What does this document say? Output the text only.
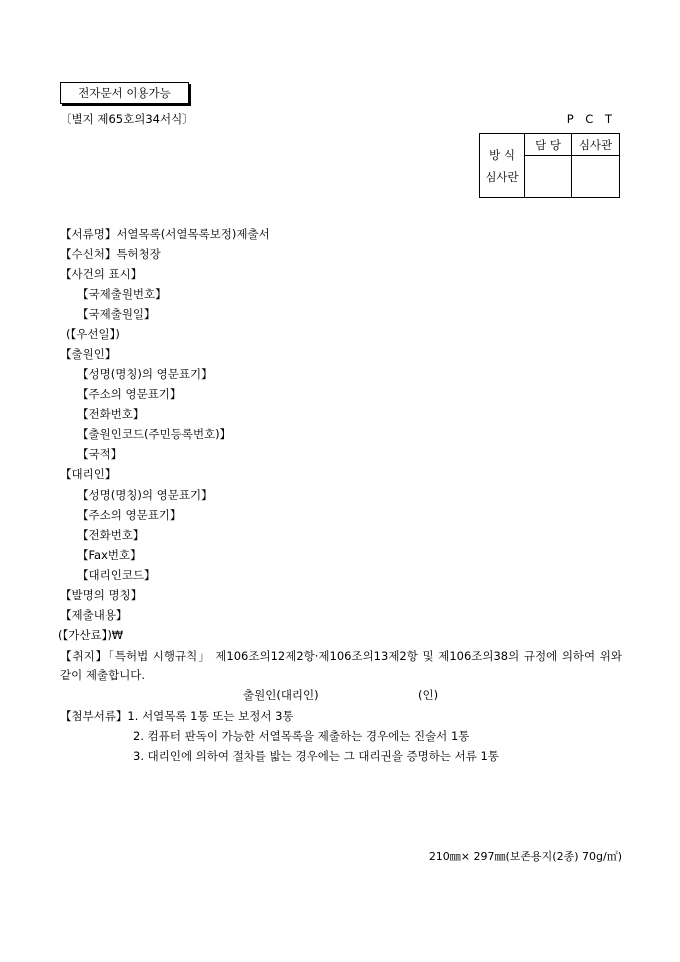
전자문서 이용가능
〔별지 제65호의34서식〕	P C T
방 식
심사란	담 당	심사관

【서류명】서열목록(서열목록보정)제출서
【수신처】특허청장
【사건의 표시】
【국제출원번호】
【국제출원일】
(【우선일】)
【출원인】
【성명(명칭)의 영문표기】
【주소의 영문표기】
【전화번호】
【출원인코드(주민등록번호)】
【국적】
【대리인】
【성명(명칭)의 영문표기】
【주소의 영문표기】
【전화번호】
【Fax번호】
【대리인코드】
【발명의 명칭】
【제출내용】
(【가산료】)₩
【취지】「특허법 시행규칙」 제106조의12제2항·제106조의13제2항 및 제106조의38의 규정에 의하여 위와 같이 제출합니다.
출원인(대리인)	(인)
【첨부서류】1. 서열목록 1통 또는 보정서 3통
2. 컴퓨터 판독이 가능한 서열목록을 제출하는 경우에는 진술서 1통
3. 대리인에 의하여 절차를 밟는 경우에는 그 대리권을 증명하는 서류 1통
210㎜× 297㎜(보존용지(2종) 70g/㎡)
